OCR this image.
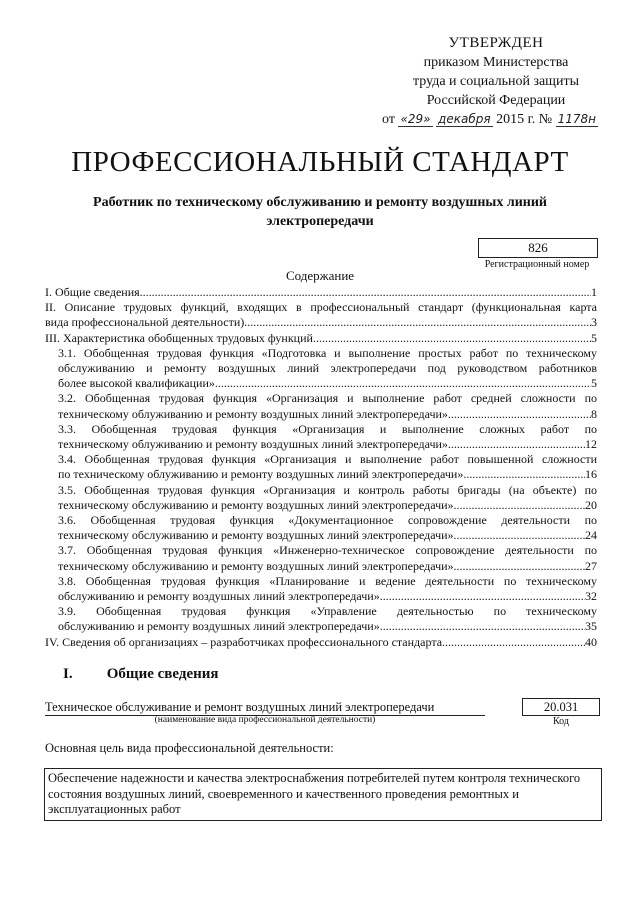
УТВЕРЖДЕН
приказом Министерства
труда и социальной защиты
Российской Федерации
от «29» декабря 2015 г. № 1178н
ПРОФЕССИОНАЛЬНЫЙ СТАНДАРТ
Работник по техническому обслуживанию и ремонту воздушных линий электропередачи
826
Регистрационный номер
Содержание
I. Общие сведения .....	1
II. Описание трудовых функций, входящих в профессиональный стандарт (функциональная карта
вида профессиональной деятельности) .....	3
III. Характеристика обобщенных трудовых функций .....	5
3.1. Обобщенная трудовая функция «Подготовка и выполнение простых работ по техническому
обслуживанию и ремонту воздушных линий электропередачи под руководством работников
более высокой квалификации» .....	5
3.2. Обобщенная трудовая функция «Организация и выполнение работ средней сложности по
техническому облуживанию и ремонту воздушных линий электропередачи» .....	8
3.3. Обобщенная трудовая функция «Организация и выполнение сложных работ по
техническому облуживанию и ремонту воздушных линий электропередачи» .....	12
3.4. Обобщенная трудовая функция «Организация и выполнение работ повышенной сложности
по техническому облуживанию и ремонту воздушных линий электропередачи» .....	16
3.5. Обобщенная трудовая функция «Организация и контроль работы бригады (на объекте) по
техническому обслуживанию и ремонту воздушных линий электропередачи» .....	20
3.6. Обобщенная трудовая функция «Документационное сопровождение деятельности по
техническому обслуживанию и ремонту воздушных линий электропередачи» .....	24
3.7. Обобщенная трудовая функция «Инженерно-техническое сопровождение деятельности по
техническому обслуживанию и ремонту воздушных линий электропередачи» .....	27
3.8. Обобщенная трудовая функция «Планирование и ведение деятельности по техническому
обслуживанию и ремонту воздушных линий электропередачи» .....	32
3.9. Обобщенная трудовая функция «Управление деятельностью по техническому
обслуживанию и ремонту воздушных линий электропередачи» .....	35
IV. Сведения об организациях – разработчиках профессионального стандарта .....	40
I. Общие сведения
Техническое обслуживание и ремонт воздушных линий электропередачи
(наименование вида профессиональной деятельности)
20.031
Код
Основная цель вида профессиональной деятельности:
Обеспечение надежности и качества электроснабжения потребителей путем контроля технического состояния воздушных линий, своевременного и качественного проведения ремонтных и эксплуатационных работ
